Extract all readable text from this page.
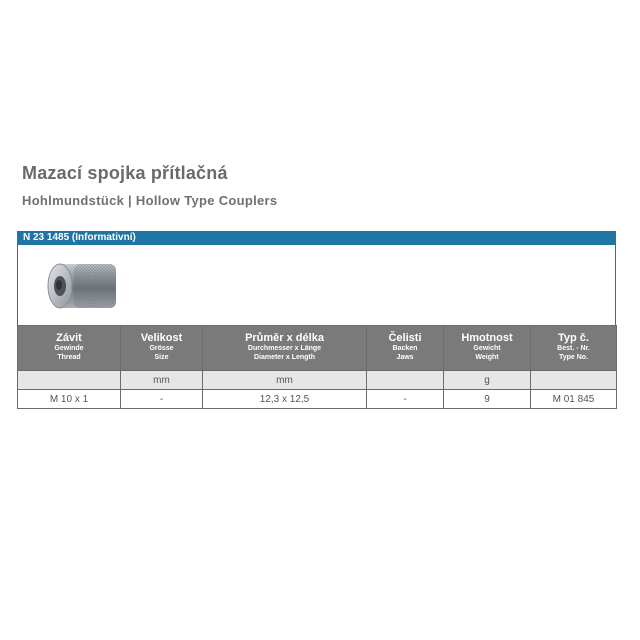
Mazací spojka přítlačná
Hohlmundstück | Hollow Type Couplers
N 23 1485 (Informativní)
Závit
Gewinde
Thread	Velikost
Grösse
Size	Průměr x délka
Durchmesser x Länge
Diameter x Length	Čelisti
Backen
Jaws	Hmotnost
Gewicht
Weight	Typ č.
Best. - Nr.
Type No.

	mm	mm		g	
M 10 x 1	-	12,3 x 12,5	-	9	M 01 845
